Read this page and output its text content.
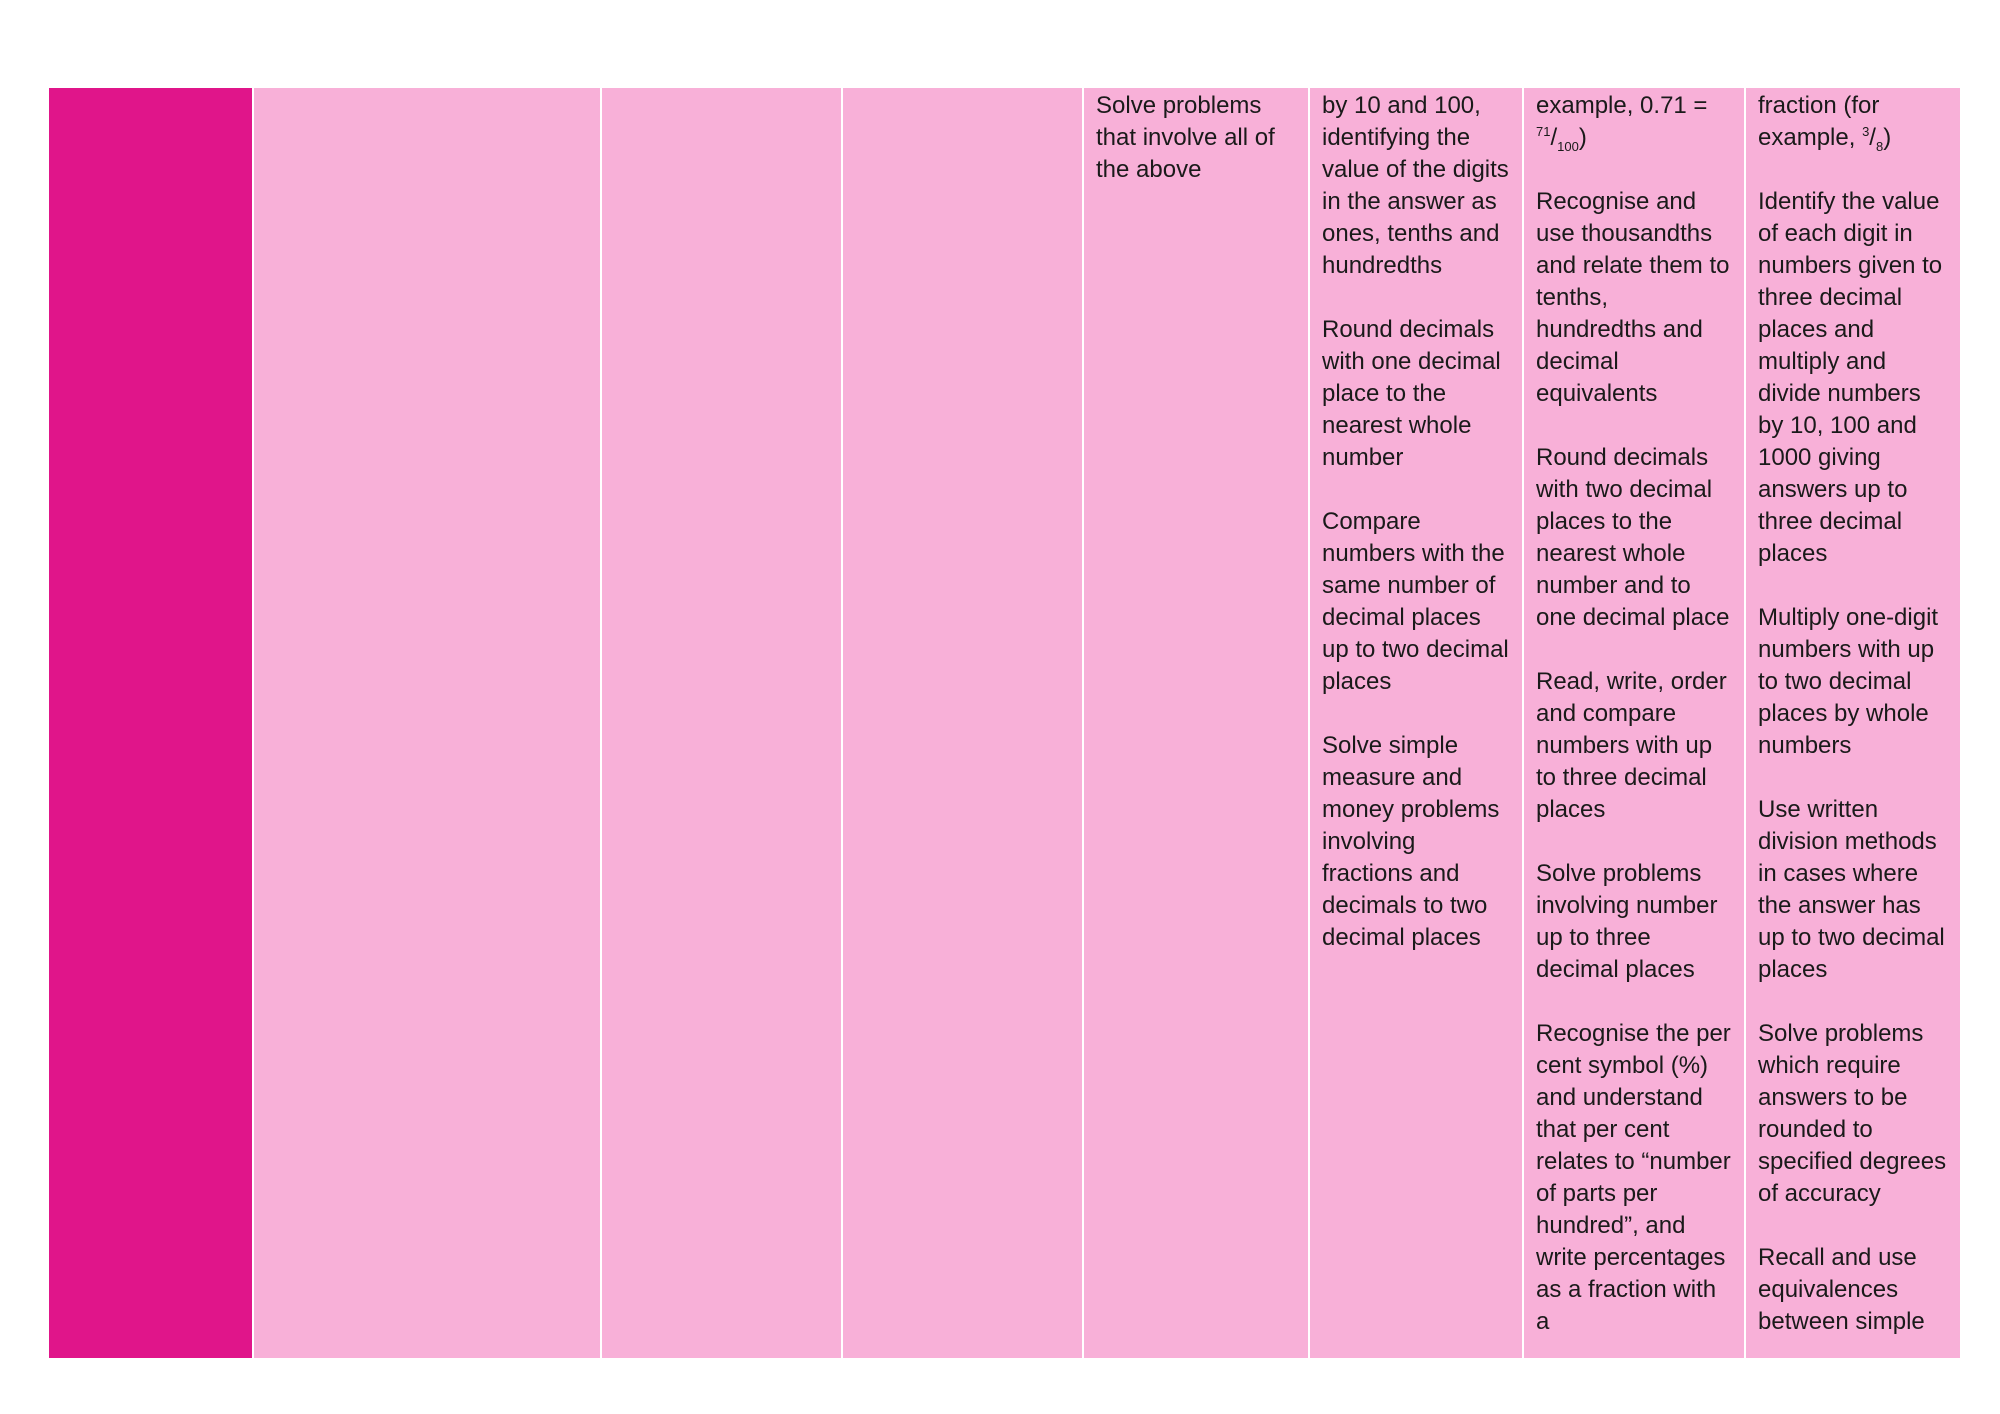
Solve problems that involve all of the above

by 10 and 100, identifying the value of the digits in the answer as ones, tenths and hundredths

Round decimals with one decimal place to the nearest whole number

Compare numbers with the same number of decimal places up to two decimal places

Solve simple measure and money problems involving fractions and decimals to two decimal places

example, 0.71 =
$^{71}/_{100}$)

Recognise and use thousandths and relate them to tenths, hundredths and decimal equivalents

Round decimals with two decimal places to the nearest whole number and to one decimal place

Read, write, order and compare numbers with up to three decimal places

Solve problems involving number up to three decimal places

Recognise the per cent symbol (%) and understand that per cent relates to “number of parts per hundred”, and write percentages as a fraction with a

fraction (for example, $^3/_8$)

Identify the value of each digit in numbers given to three decimal places and multiply and divide numbers by 10, 100 and 1000 giving answers up to three decimal places

Multiply one-digit numbers with up to two decimal places by whole numbers

Use written division methods in cases where the answer has up to two decimal places

Solve problems which require answers to be rounded to specified degrees of accuracy

Recall and use equivalences between simple
